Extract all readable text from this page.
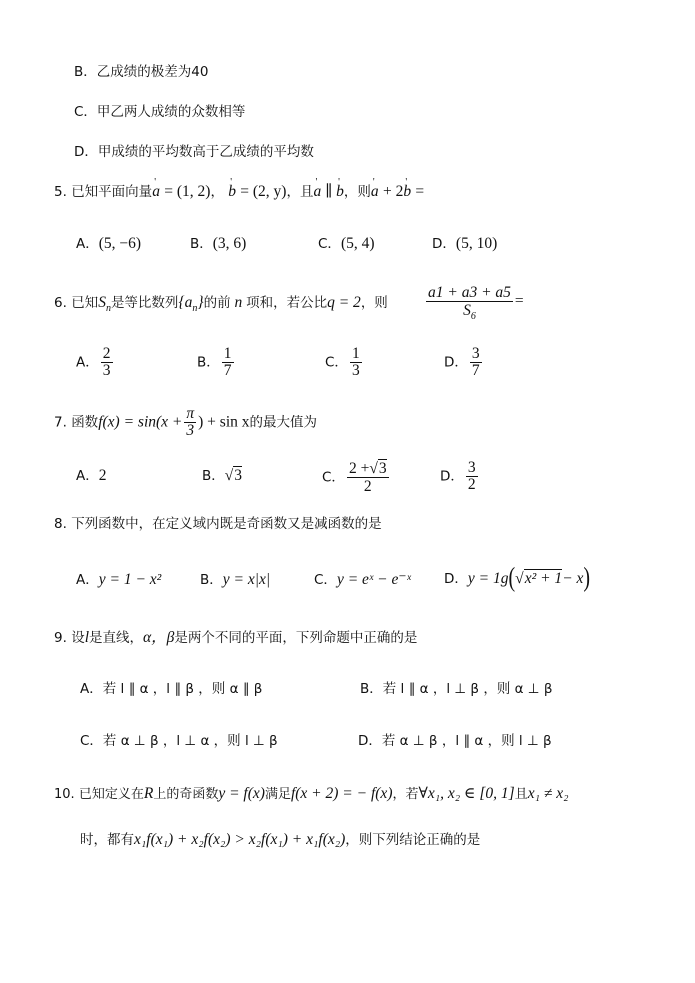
B．乙成绩的极差为40
C．甲乙两人成绩的众数相等
D．甲成绩的平均数高于乙成绩的平均数
5. 已知平面向量' a = (1, 2)， ' b = (2, y)，且' a ∥ ' b，则' a + 2' b =
A．(5, −6)	B．(3, 6)	C．(5, 4)	D．(5, 10)
6. 已知$S_n$是等比数列$\{a_n\}$的前 n 项和，若公比q = 2，则 $\frac{a1 + a3 + a5}{S_6}$ =
A． $\frac{2}{3}$	B． $\frac{1}{7}$	C． $\frac{1}{3}$	D． $\frac{3}{7}$
7. 函数$f(x) = \sin(x + \frac{\pi}{3}$ ) + sin x的最大值为
A．2	B．√3	C． $\frac{2 +√3}{2}$	D． $\frac{3}{2}$
8. 下列函数中，在定义域内既是奇函数又是减函数的是
A．y = 1 − x²	B．y = x|x|	C．y = eˣ − e⁻ˣ D．y = 1g(√x² + 1− x)
9. 设l是直线，α，β是两个不同的平面，下列命题中正确的是
A．若 l ∥ α ，l ∥ β ，则 α ∥ β	B．若 l ∥ α ，l ⊥ β ，则 α ⊥ β
C．若 α ⊥ β ，l ⊥ α ，则 l ⊥ β	D．若 α ⊥ β ，l ∥ α ，则 l ⊥ β
10. 已知定义在R上的奇函数y = f(x)满足f(x + 2) = − f(x)，若∀x₁, x₂ ∈ [0, 1]且x₁ ≠ x₂
时，都有x₁f(x₁) + x₂f(x₂) > x₂f(x₁) + x₁f(x₂)，则下列结论正确的是
